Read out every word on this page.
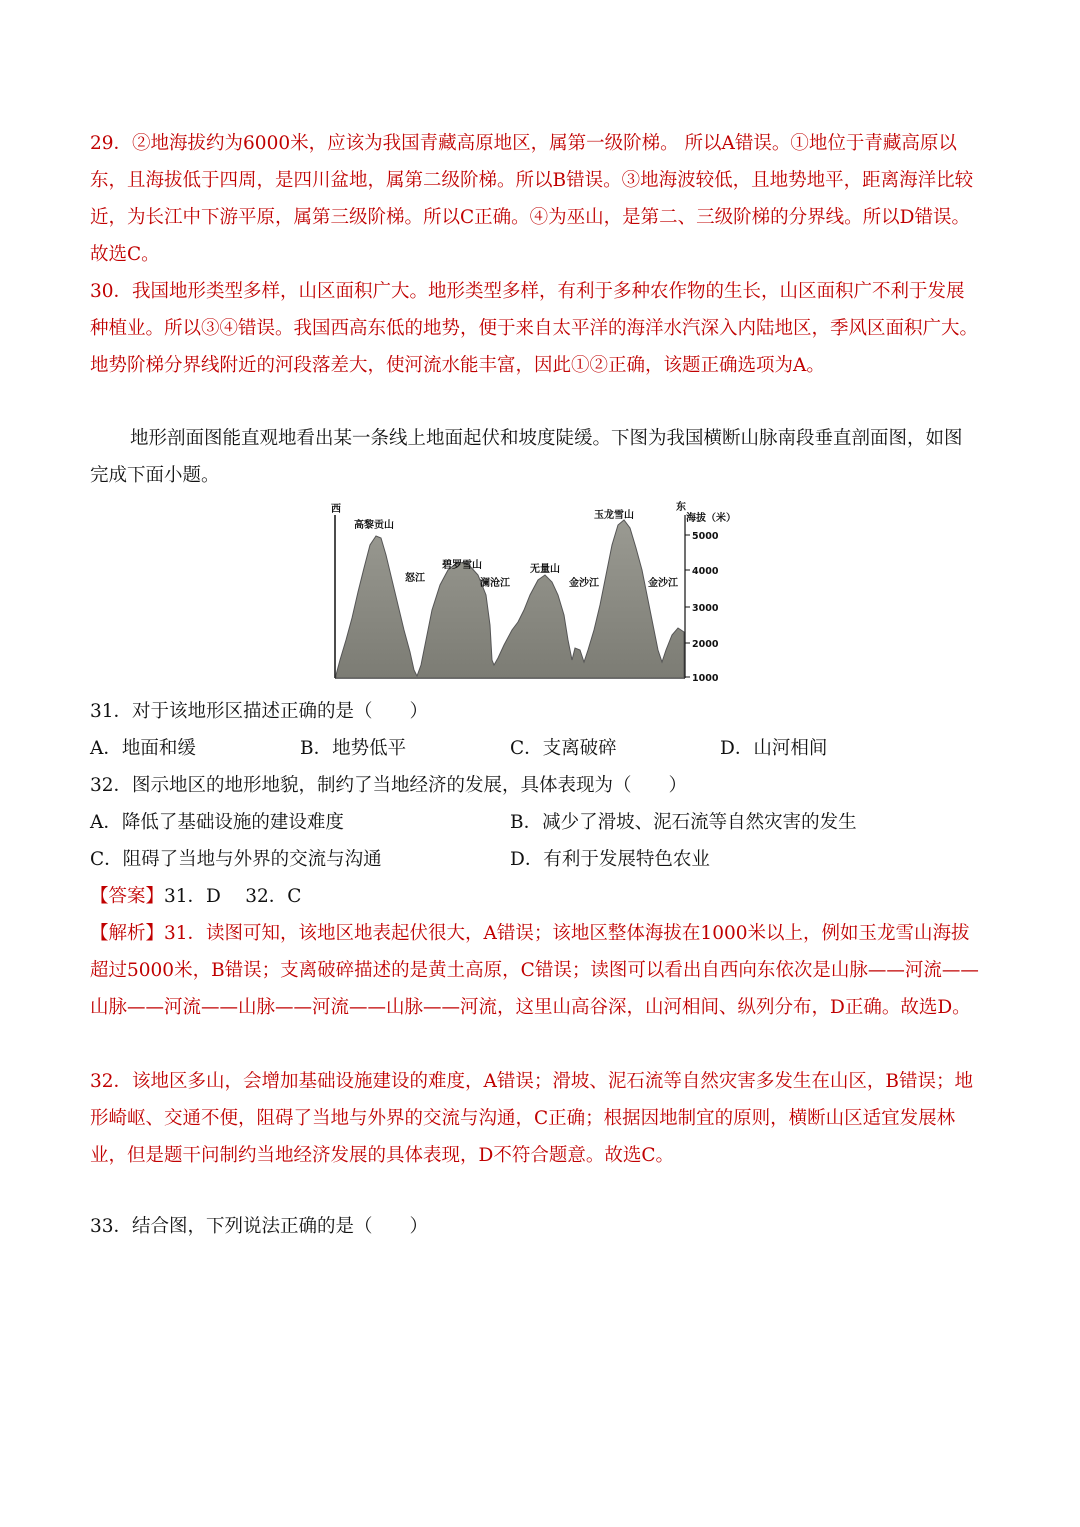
29．②地海拔约为6000米，应该为我国青藏高原地区，属第一级阶梯。 所以A错误。①地位于青藏高原以东，且海拔低于四周，是四川盆地，属第二级阶梯。所以B错误。③地海波较低，且地势地平，距离海洋比较近，为长江中下游平原，属第三级阶梯。所以C正确。④为巫山，是第二、三级阶梯的分界线。所以D错误。故选C。

30．我国地形类型多样，山区面积广大。地形类型多样，有利于多种农作物的生长，山区面积广不利于发展种植业。所以③④错误。我国西高东低的地势，便于来自太平洋的海洋水汽深入内陆地区，季风区面积广大。地势阶梯分界线附近的河段落差大，使河流水能丰富，因此①②正确，该题正确选项为A。

地形剖面图能直观地看出某一条线上地面起伏和坡度陡缓。下图为我国横断山脉南段垂直剖面图，如图完成下面小题。

5000
4000
3000
2000
1000
海拔（米）
西	东
高黎贡山
碧罗雪山	无量山
玉龙雪山
怒江	澜沧江	金沙江	金沙江

31．对于该地形区描述正确的是（　　）

A．地面和缓	B．地势低平	C．支离破碎	D．山河相间

32．图示地区的地形地貌，制约了当地经济的发展，具体表现为（　　）

A．降低了基础设施的建设难度	B．减少了滑坡、泥石流等自然灾害的发生
C．阻碍了当地与外界的交流与沟通	D．有利于发展特色农业

【答案】31．D　 32．C

【解析】31．读图可知，该地区地表起伏很大，A错误；该地区整体海拔在1000米以上，例如玉龙雪山海拔超过5000米，B错误；支离破碎描述的是黄土高原，C错误；读图可以看出自西向东依次是山脉——河流——山脉——河流——山脉——河流——山脉——河流，这里山高谷深，山河相间、纵列分布，D正确。故选D。

32．该地区多山，会增加基础设施建设的难度，A错误；滑坡、泥石流等自然灾害多发生在山区，B错误；地形崎岖、交通不便，阻碍了当地与外界的交流与沟通，C正确；根据因地制宜的原则，横断山区适宜发展林业，但是题干问制约当地经济发展的具体表现，D不符合题意。故选C。

33．结合图，下列说法正确的是（　　）
